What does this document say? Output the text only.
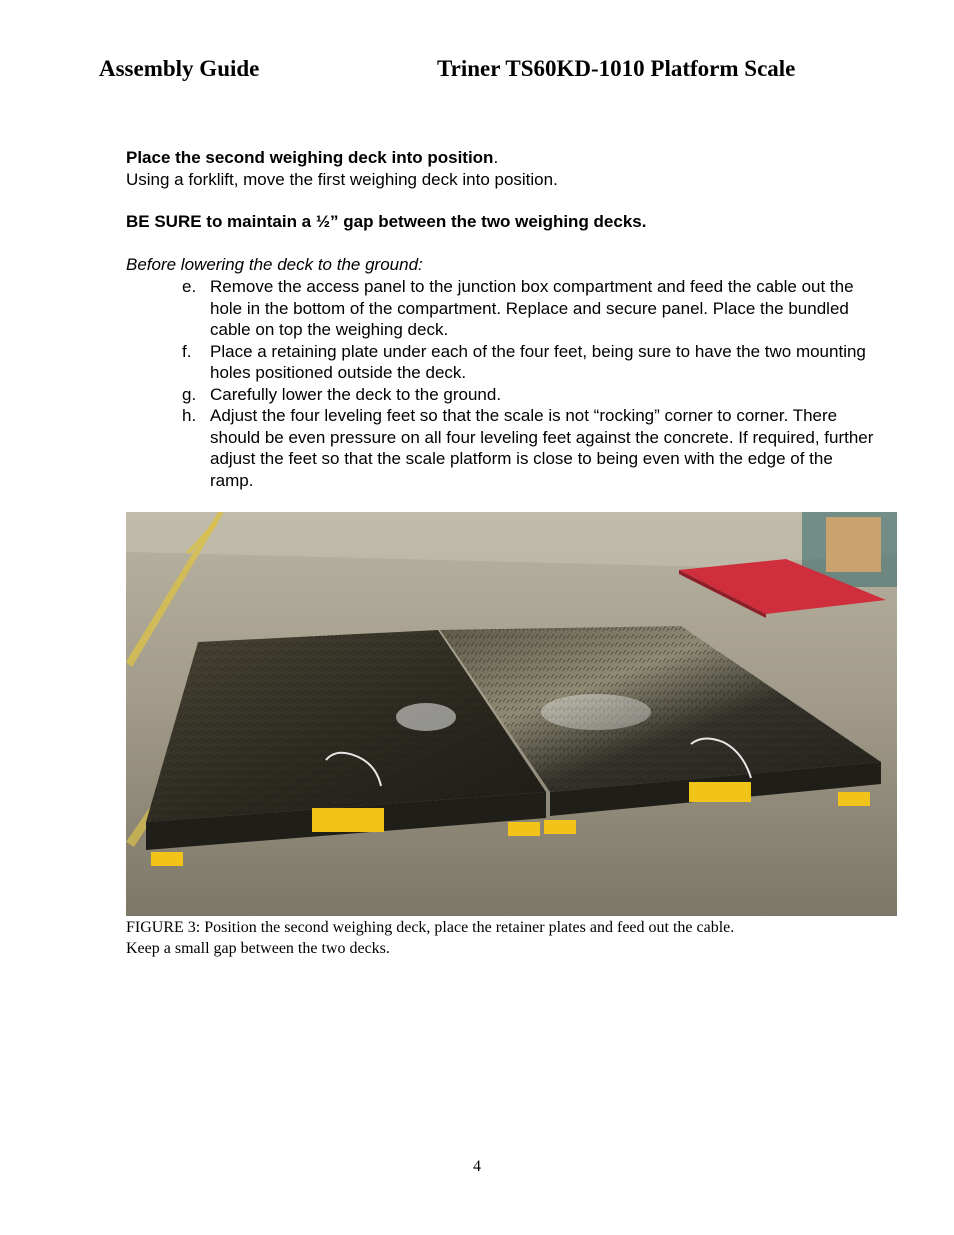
Assembly Guide	Triner TS60KD-1010 Platform Scale
Place the second weighing deck into position.
Using a forklift, move the first weighing deck into position.
BE SURE to maintain a ½” gap between the two weighing decks.
Before lowering the deck to the ground:
e. Remove the access panel to the junction box compartment and feed the cable out the hole in the bottom of the compartment. Replace and secure panel. Place the bundled cable on top the weighing deck.
f. Place a retaining plate under each of the four feet, being sure to have the two mounting holes positioned outside the deck.
g. Carefully lower the deck to the ground.
h. Adjust the four leveling feet so that the scale is not “rocking” corner to corner. There should be even pressure on all four leveling feet against the concrete. If required, further adjust the feet so that the scale platform is close to being even with the edge of the ramp.
FIGURE 3: Position the second weighing deck, place the retainer plates and feed out the cable.
Keep a small gap between the two decks.
4
